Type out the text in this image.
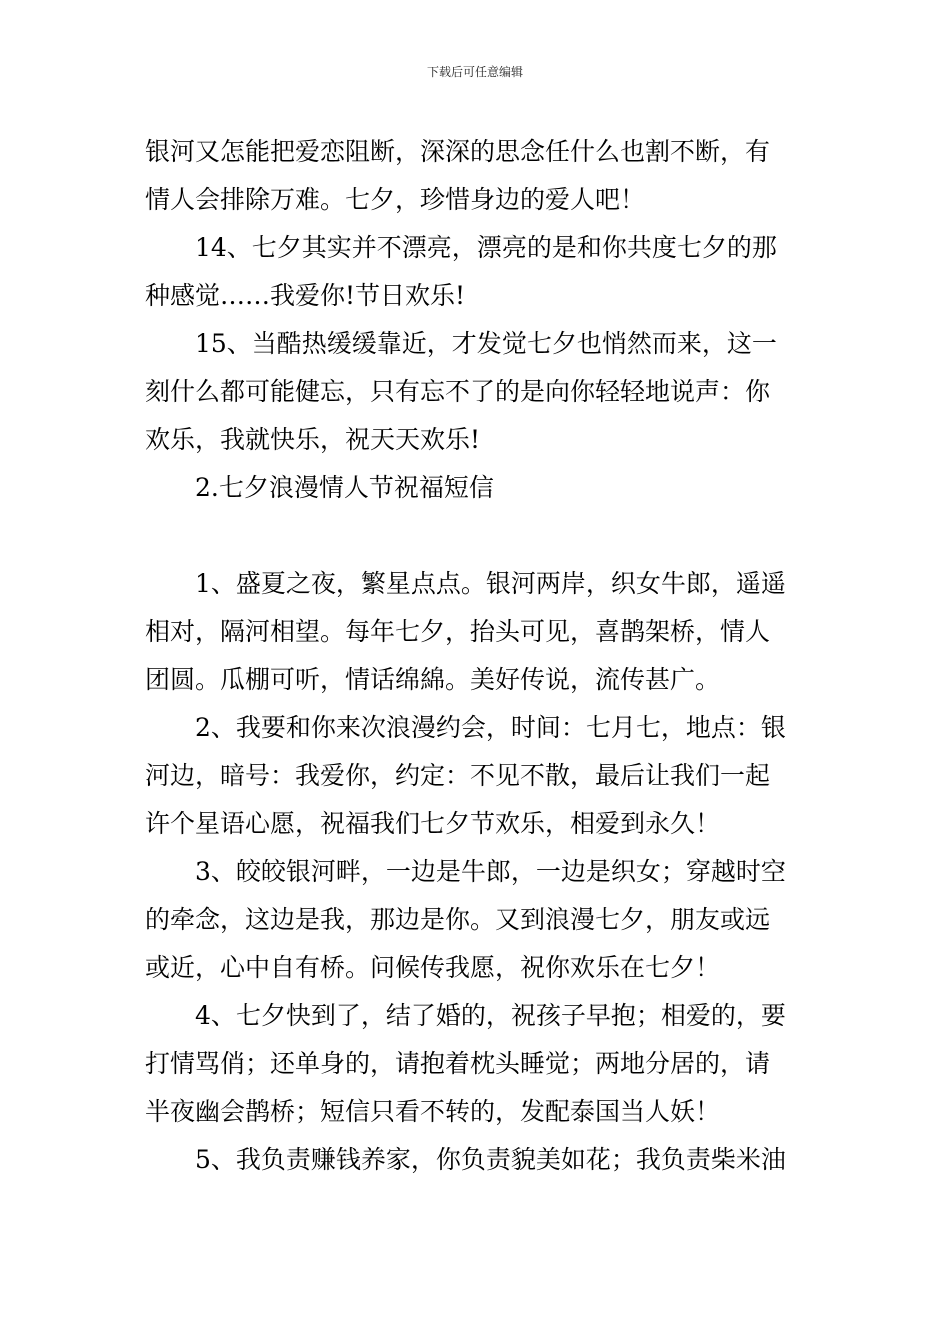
下载后可任意编辑
银河又怎能把爱恋阻断，深深的思念任什么也割不断，有
情人会排除万难。七夕，珍惜身边的爱人吧！
14、七夕其实并不漂亮，漂亮的是和你共度七夕的那
种感觉……我爱你!节日欢乐!
15、当酷热缓缓靠近，才发觉七夕也悄然而来，这一
刻什么都可能健忘，只有忘不了的是向你轻轻地说声：你
欢乐，我就快乐，祝天天欢乐!
2.七夕浪漫情人节祝福短信
1、盛夏之夜，繁星点点。银河两岸，织女牛郎，遥遥
相对，隔河相望。每年七夕，抬头可见，喜鹊架桥，情人
团圆。瓜棚可听，情话绵綿。美好传说，流传甚广。
2、我要和你来次浪漫约会，时间：七月七，地点：银
河边，暗号：我爱你，约定：不见不散，最后让我们一起
许个星语心愿，祝福我们七夕节欢乐，相爱到永久！
3、皎皎银河畔，一边是牛郎，一边是织女；穿越时空
的牵念，这边是我，那边是你。又到浪漫七夕，朋友或远
或近，心中自有桥。问候传我愿，祝你欢乐在七夕！
4、七夕快到了，结了婚的，祝孩子早抱；相爱的，要
打情骂俏；还单身的，请抱着枕头睡觉；两地分居的，请
半夜幽会鹊桥；短信只看不转的，发配泰国当人妖！
5、我负责赚钱养家，你负责貌美如花；我负责柴米油
